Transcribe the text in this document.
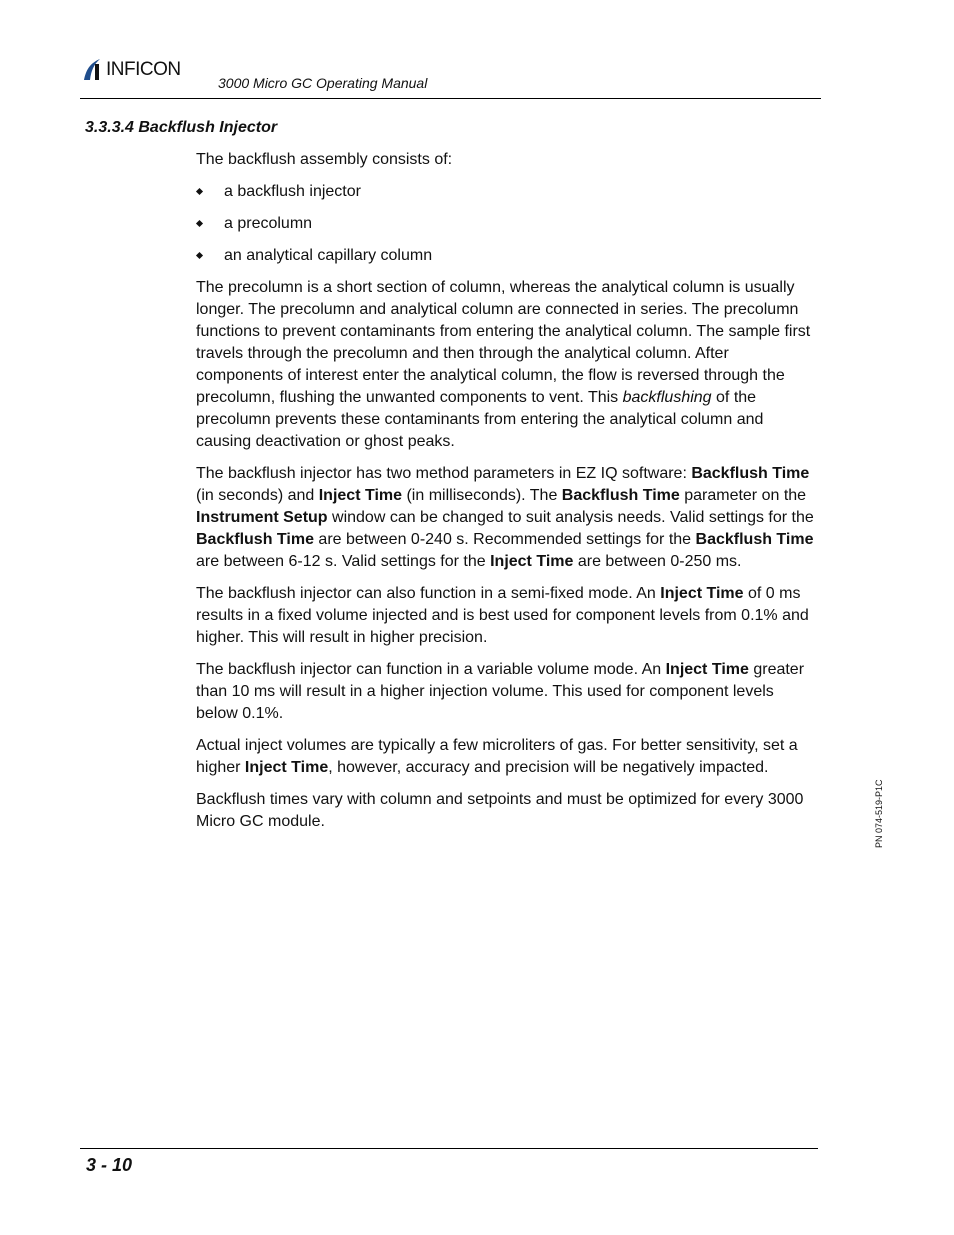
INFICON
3000 Micro GC Operating Manual
3.3.3.4 Backflush Injector

The backflush assembly consists of:

a backflush injector
a precolumn
an analytical capillary column

The precolumn is a short section of column, whereas the analytical column is usually longer. The precolumn and analytical column are connected in series. The precolumn functions to prevent contaminants from entering the analytical column. The sample first travels through the precolumn and then through the analytical column. After components of interest enter the analytical column, the flow is reversed through the precolumn, flushing the unwanted components to vent. This backflushing of the precolumn prevents these contaminants from entering the analytical column and causing deactivation or ghost peaks.

The backflush injector has two method parameters in EZ IQ software: Backflush Time (in seconds) and Inject Time (in milliseconds). The Backflush Time parameter on the Instrument Setup window can be changed to suit analysis needs. Valid settings for the Backflush Time are between 0-240 s. Recommended settings for the Backflush Time are between 6-12 s. Valid settings for the Inject Time are between 0-250 ms.

The backflush injector can also function in a semi-fixed mode. An Inject Time of 0 ms results in a fixed volume injected and is best used for component levels from 0.1% and higher. This will result in higher precision.

The backflush injector can function in a variable volume mode. An Inject Time greater than 10 ms will result in a higher injection volume. This used for component levels below 0.1%.

Actual inject volumes are typically a few microliters of gas. For better sensitivity, set a higher Inject Time, however, accuracy and precision will be negatively impacted.

Backflush times vary with column and setpoints and must be optimized for every 3000 Micro GC module.	PN 074-519-P1C
3 - 10
